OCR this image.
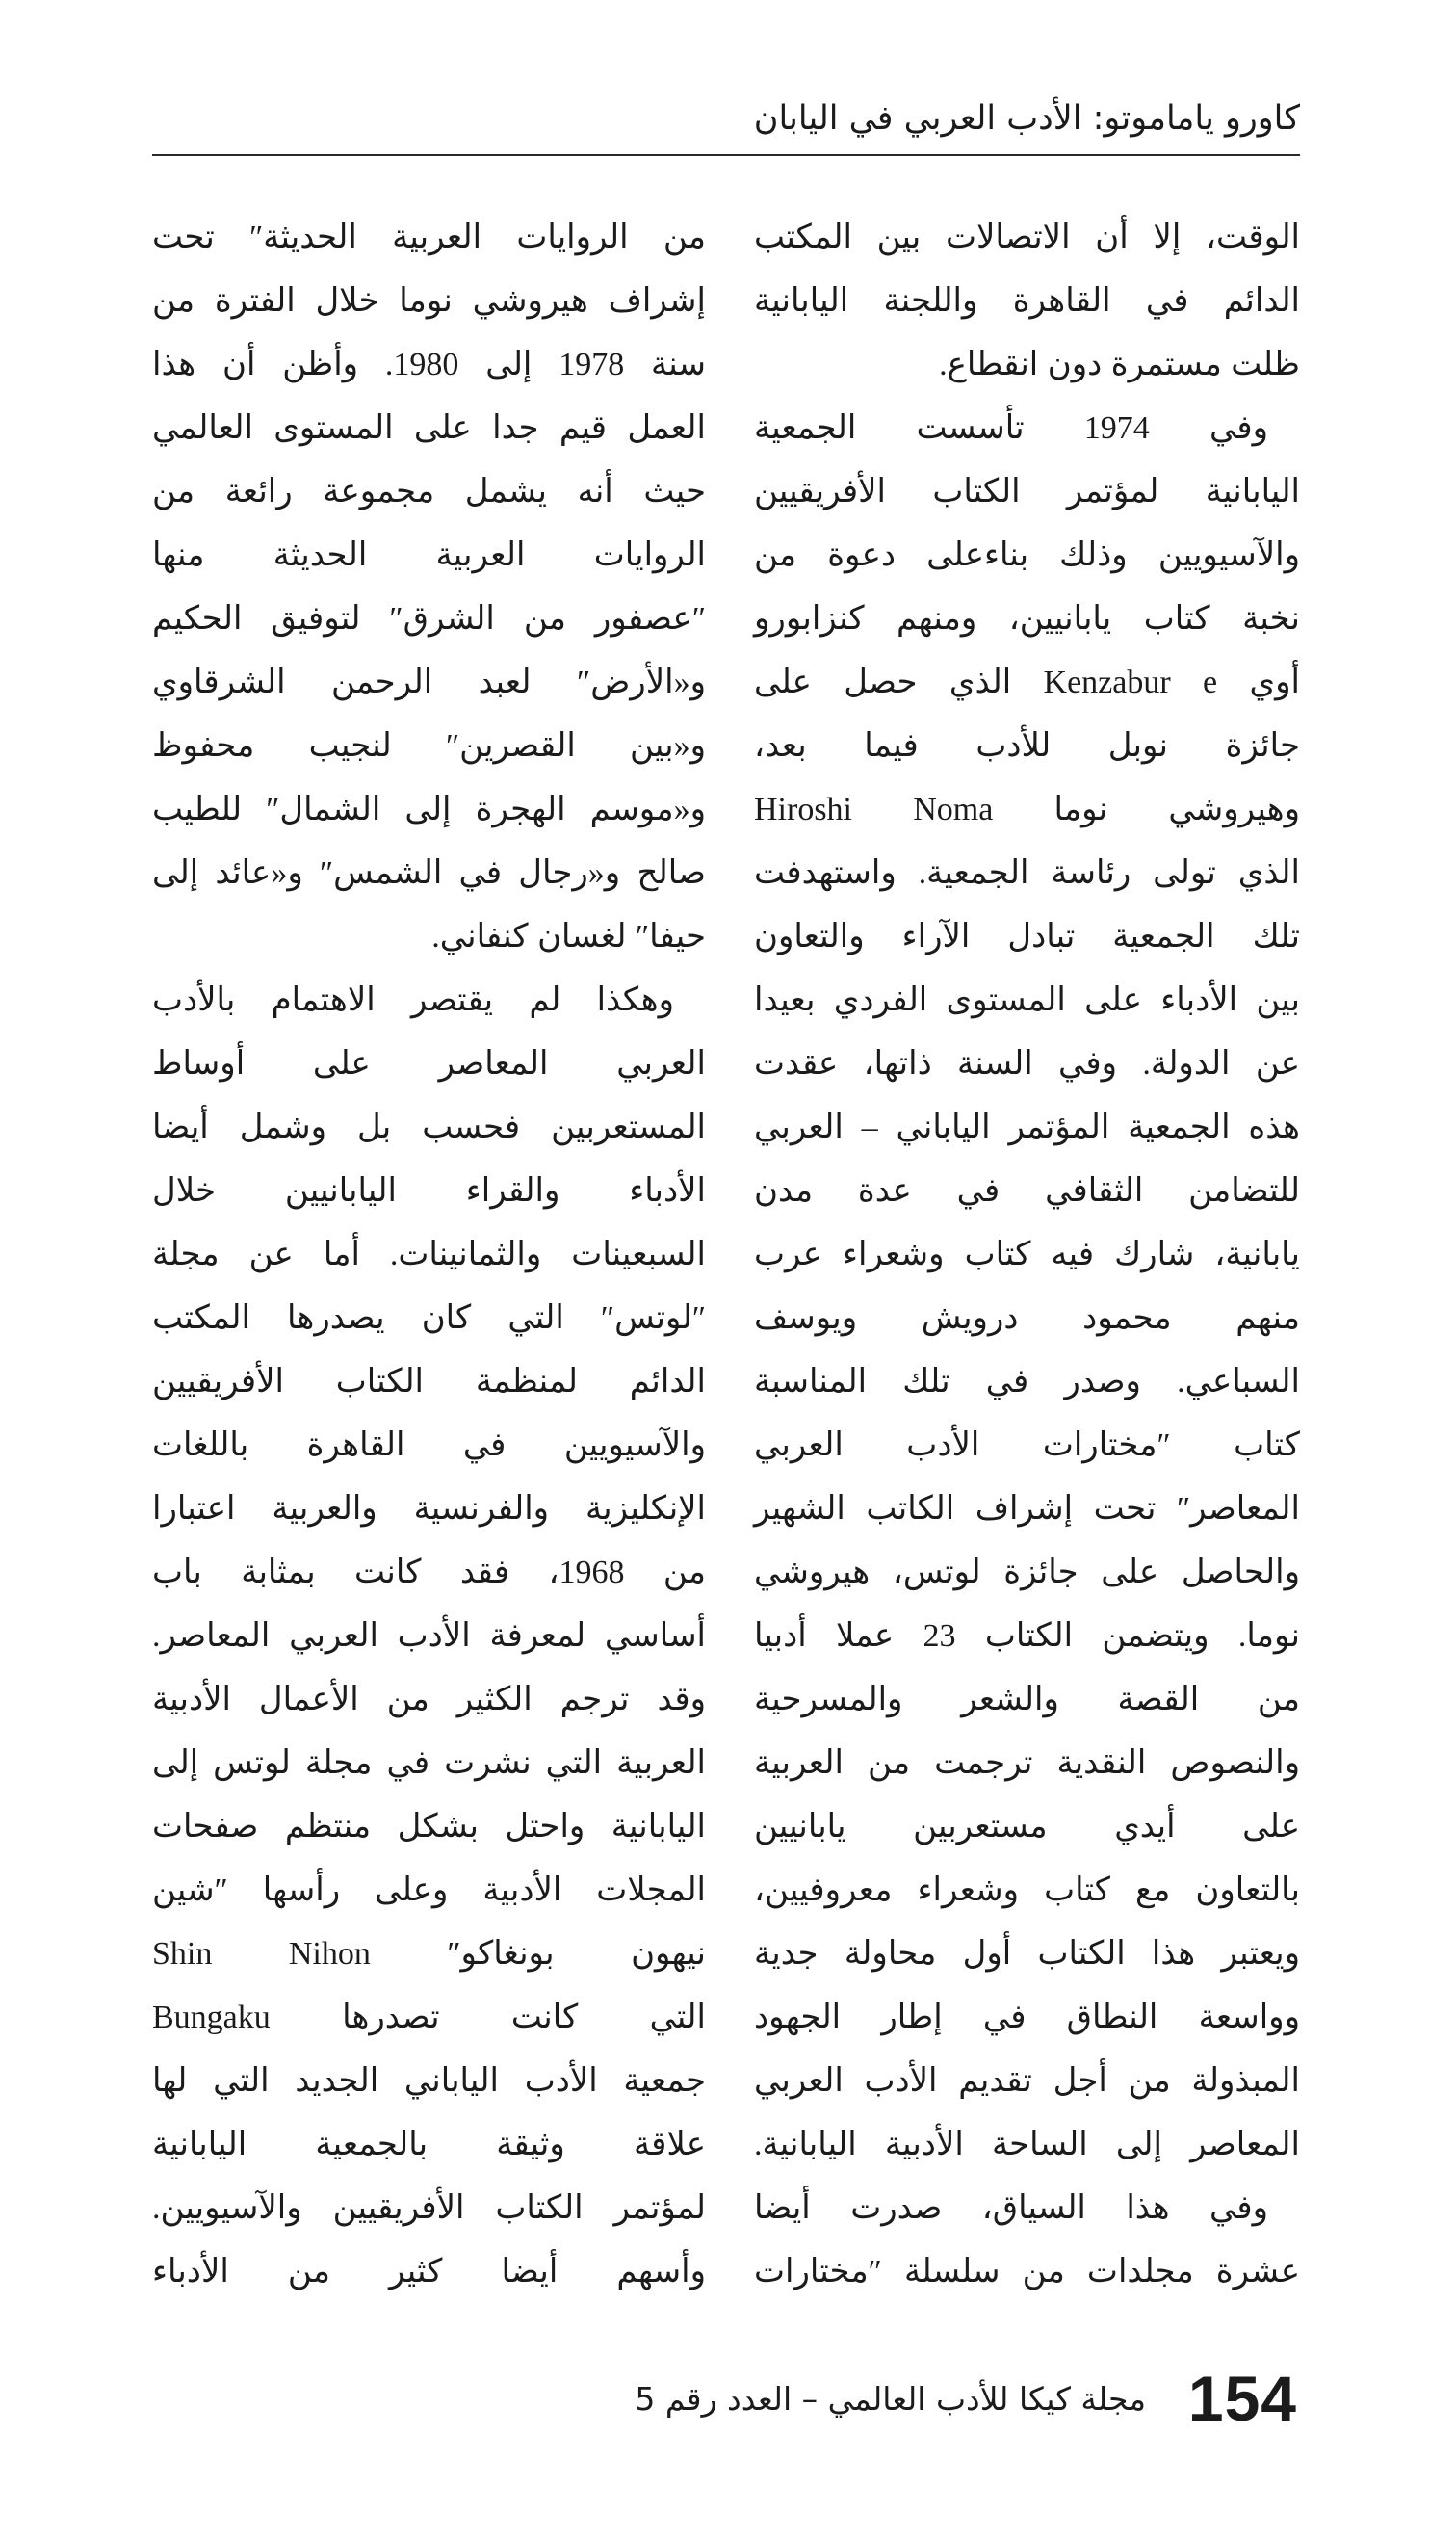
كاورو ياماموتو: الأدب العربي في اليابان
الوقت، إلا أن الاتصالات بين المكتب
الدائم في القاهرة واللجنة اليابانية
ظلت مستمرة دون انقطاع.
وفي 1974 تأسست الجمعية
اليابانية لمؤتمر الكتاب الأفريقيين
والآسيويين وذلك بناءعلى دعوة من
نخبة كتاب يابانيين، ومنهم كنزابورو
أوي Kenzabur e الذي حصل على
جائزة نوبل للأدب فيما بعد،
وهيروشي نوما Hiroshi Noma
الذي تولى رئاسة الجمعية. واستهدفت
تلك الجمعية تبادل الآراء والتعاون
بين الأدباء على المستوى الفردي بعيدا
عن الدولة. وفي السنة ذاتها، عقدت
هذه الجمعية المؤتمر الياباني – العربي
للتضامن الثقافي في عدة مدن
يابانية، شارك فيه كتاب وشعراء عرب
منهم محمود درويش ويوسف
السباعي. وصدر في تلك المناسبة
كتاب ″مختارات الأدب العربي
المعاصر″ تحت إشراف الكاتب الشهير
والحاصل على جائزة لوتس، هيروشي
نوما. ويتضمن الكتاب 23 عملا أدبيا
من القصة والشعر والمسرحية
والنصوص النقدية ترجمت من العربية
على أيدي مستعربين يابانيين
بالتعاون مع كتاب وشعراء معروفيين،
ويعتبر هذا الكتاب أول محاولة جدية
وواسعة النطاق في إطار الجهود
المبذولة من أجل تقديم الأدب العربي
المعاصر إلى الساحة الأدبية اليابانية.
وفي هذا السياق، صدرت أيضا
عشرة مجلدات من سلسلة ″مختارات
من الروايات العربية الحديثة″ تحت
إشراف هيروشي نوما خلال الفترة من
سنة 1978 إلى 1980. وأظن أن هذا
العمل قيم جدا على المستوى العالمي
حيث أنه يشمل مجموعة رائعة من
الروايات العربية الحديثة منها
″عصفور من الشرق″ لتوفيق الحكيم
و«الأرض″ لعبد الرحمن الشرقاوي
و«بين القصرين″ لنجيب محفوظ
و«موسم الهجرة إلى الشمال″ للطيب
صالح و«رجال في الشمس″ و«عائد إلى
حيفا″ لغسان كنفاني.
وهكذا لم يقتصر الاهتمام بالأدب
العربي المعاصر على أوساط
المستعربين فحسب بل وشمل أيضا
الأدباء والقراء اليابانيين خلال
السبعينات والثمانينات. أما عن مجلة
″لوتس″ التي كان يصدرها المكتب
الدائم لمنظمة الكتاب الأفريقيين
والآسيويين في القاهرة باللغات
الإنكليزية والفرنسية والعربية اعتبارا
من 1968، فقد كانت بمثابة باب
أساسي لمعرفة الأدب العربي المعاصر.
وقد ترجم الكثير من الأعمال الأدبية
العربية التي نشرت في مجلة لوتس إلى
اليابانية واحتل بشكل منتظم صفحات
المجلات الأدبية وعلى رأسها ″شين
نيهون بونغاكو″ Shin Nihon
التي كانت تصدرها Bungaku
جمعية الأدب الياباني الجديد التي لها
علاقة وثيقة بالجمعية اليابانية
لمؤتمر الكتاب الأفريقيين والآسيويين.
وأسهم أيضا كثير من الأدباء
مجلة كيكا للأدب العالمي – العدد رقم 5 154
